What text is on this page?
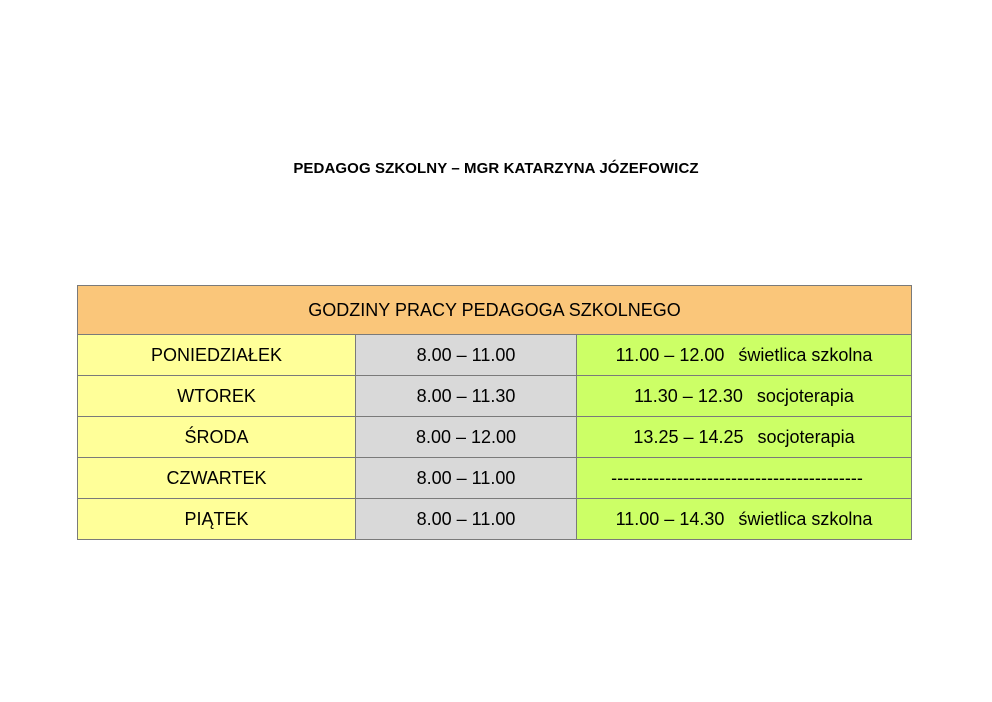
PEDAGOG SZKOLNY – MGR KATARZYNA JÓZEFOWICZ
GODZINY PRACY PEDAGOGA SZKOLNEGO		
PONIEDZIAŁEK	8.00 – 11.00	11.00 – 12.00 świetlica szkolna
WTOREK	8.00 – 11.30	11.30 – 12.30 socjoterapia
ŚRODA	8.00 – 12.00	13.25 – 14.25 socjoterapia
CZWARTEK	8.00 – 11.00	------------------------------------------
PIĄTEK	8.00 – 11.00	11.00 – 14.30 świetlica szkolna
